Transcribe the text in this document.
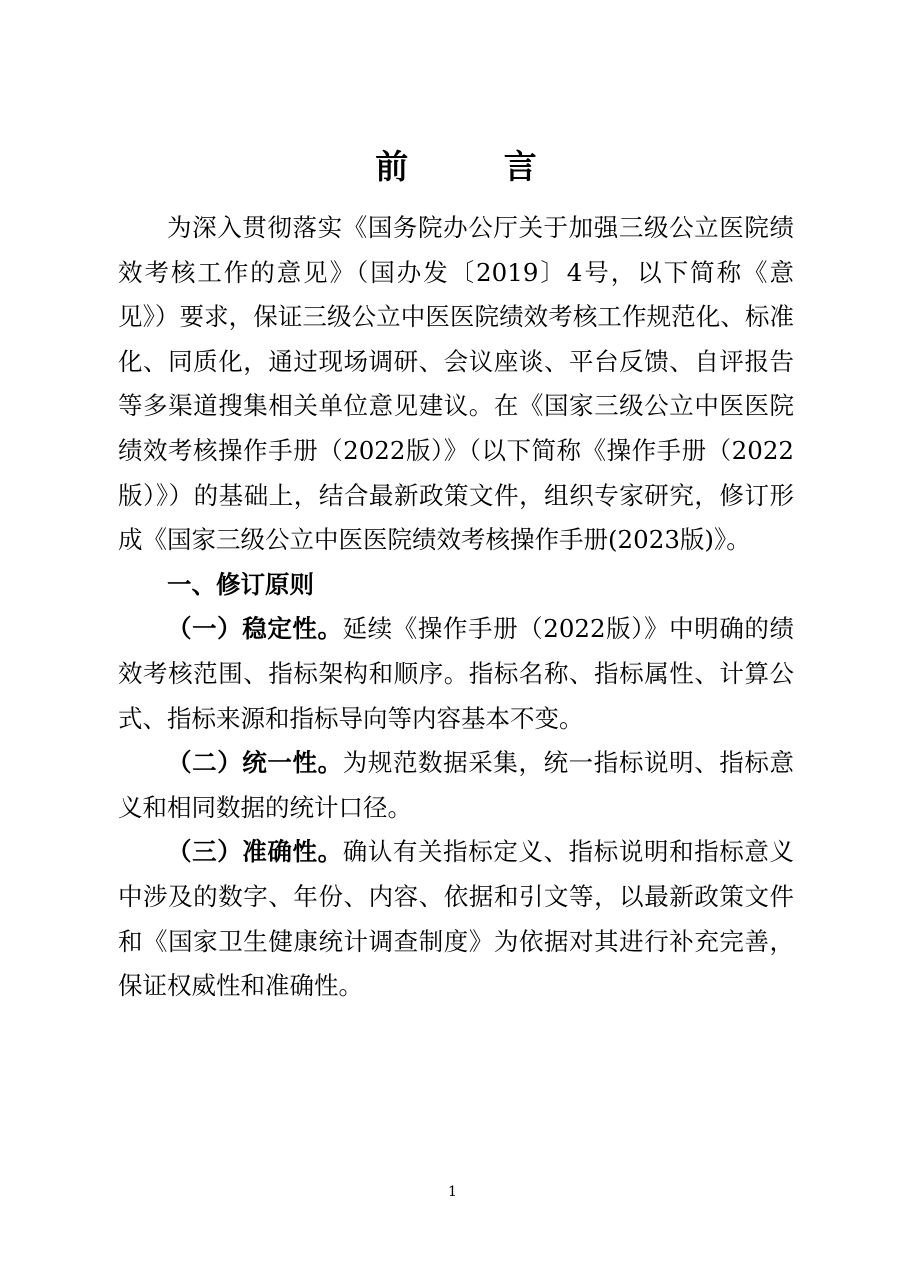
前 言

为深入贯彻落实《国务院办公厅关于加强三级公立医院绩效考核工作的意见》（国办发〔2019〕4号，以下简称《意见》）要求，保证三级公立中医医院绩效考核工作规范化、标准化、同质化，通过现场调研、会议座谈、平台反馈、自评报告等多渠道搜集相关单位意见建议。在《国家三级公立中医医院绩效考核操作手册（2022版）》（以下简称《操作手册（2022版）》）的基础上，结合最新政策文件，组织专家研究，修订形成《国家三级公立中医医院绩效考核操作手册(2023版)》。

一、修订原则

（一）稳定性。延续《操作手册（2022版）》中明确的绩效考核范围、指标架构和顺序。指标名称、指标属性、计算公式、指标来源和指标导向等内容基本不变。

（二）统一性。为规范数据采集，统一指标说明、指标意义和相同数据的统计口径。

（三）准确性。确认有关指标定义、指标说明和指标意义中涉及的数字、年份、内容、依据和引文等，以最新政策文件和《国家卫生健康统计调查制度》为依据对其进行补充完善，保证权威性和准确性。

1
